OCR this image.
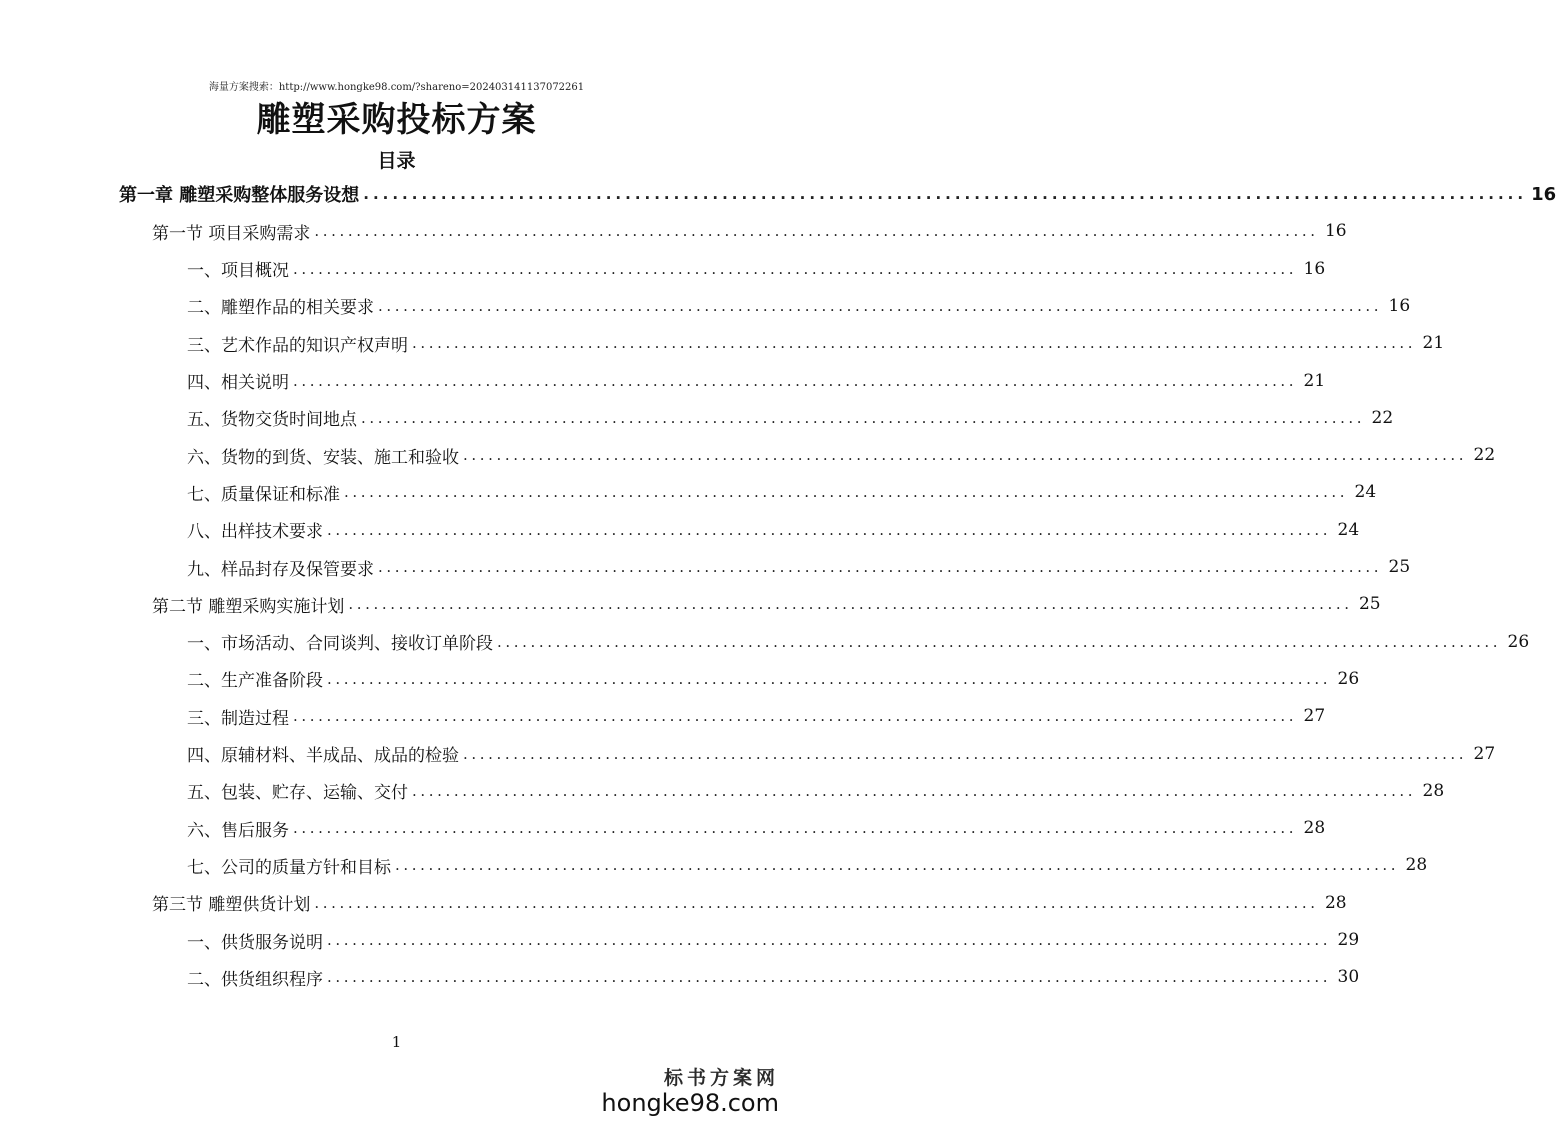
海量方案搜索：http://www.hongke98.com/?shareno=202403141137072261
雕塑采购投标方案
目录
第一章 雕塑采购整体服务设想 ........................................................................................................................ 16
第一节 项目采购需求 ........................................................................................................................ 16
一、项目概况 ........................................................................................................................ 16
二、雕塑作品的相关要求 ........................................................................................................................ 16
三、艺术作品的知识产权声明 ........................................................................................................................ 21
四、相关说明 ........................................................................................................................ 21
五、货物交货时间地点 ........................................................................................................................ 22
六、货物的到货、安装、施工和验收 ........................................................................................................................ 22
七、质量保证和标准 ........................................................................................................................ 24
八、出样技术要求 ........................................................................................................................ 24
九、样品封存及保管要求 ........................................................................................................................ 25
第二节 雕塑采购实施计划 ........................................................................................................................ 25
一、市场活动、合同谈判、接收订单阶段 ........................................................................................................................ 26
二、生产准备阶段 ........................................................................................................................ 26
三、制造过程 ........................................................................................................................ 27
四、原辅材料、半成品、成品的检验 ........................................................................................................................ 27
五、包装、贮存、运输、交付 ........................................................................................................................ 28
六、售后服务 ........................................................................................................................ 28
七、公司的质量方针和目标 ........................................................................................................................ 28
第三节 雕塑供货计划 ........................................................................................................................ 28
一、供货服务说明 ........................................................................................................................ 29
二、供货组织程序 ........................................................................................................................ 30
1
标书方案网
hongke98.com
